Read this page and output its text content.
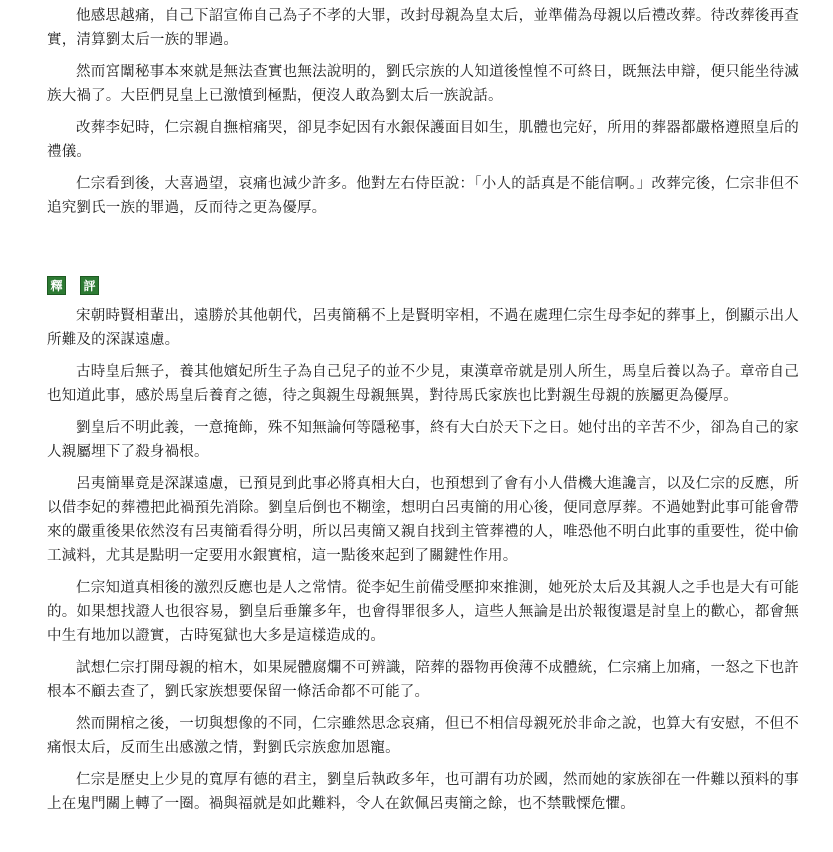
他感思越痛，自己下詔宣佈自己為子不孝的大罪，改封母親為皇太后，並準備為母親以后禮改葬。待改葬後再查實，清算劉太后一族的罪過。

然而宮闈秘事本來就是無法查實也無法說明的，劉氏宗族的人知道後惶惶不可終日，既無法申辯，便只能坐待滅族大禍了。大臣們見皇上已激憤到極點，便沒人敢為劉太后一族說話。

改葬李妃時，仁宗親自撫棺痛哭，卻見李妃因有水銀保護面目如生，肌體也完好，所用的葬器都嚴格遵照皇后的禮儀。

仁宗看到後，大喜過望，哀痛也減少許多。他對左右侍臣說：「小人的話真是不能信啊。」改葬完後，仁宗非但不追究劉氏一族的罪過，反而待之更為優厚。

釋 評

宋朝時賢相輩出，遠勝於其他朝代，呂夷簡稱不上是賢明宰相，不過在處理仁宗生母李妃的葬事上，倒顯示出人所難及的深謀遠慮。

古時皇后無子，養其他嬪妃所生子為自己兒子的並不少見，東漢章帝就是別人所生，馬皇后養以為子。章帝自己也知道此事，感於馬皇后養育之德，待之與親生母親無異，對待馬氏家族也比對親生母親的族屬更為優厚。

劉皇后不明此義，一意掩飾，殊不知無論何等隱秘事，終有大白於天下之日。她付出的辛苦不少，卻為自己的家人親屬埋下了殺身禍根。

呂夷簡畢竟是深謀遠慮，已預見到此事必將真相大白，也預想到了會有小人借機大進讒言，以及仁宗的反應，所以借李妃的葬禮把此禍預先消除。劉皇后倒也不糊塗，想明白呂夷簡的用心後，便同意厚葬。不過她對此事可能會帶來的嚴重後果依然沒有呂夷簡看得分明，所以呂夷簡又親自找到主管葬禮的人，唯恐他不明白此事的重要性，從中偷工減料，尤其是點明一定要用水銀實棺，這一點後來起到了關鍵性作用。

仁宗知道真相後的激烈反應也是人之常情。從李妃生前備受壓抑來推測，她死於太后及其親人之手也是大有可能的。如果想找證人也很容易，劉皇后垂簾多年，也會得罪很多人，這些人無論是出於報復還是討皇上的歡心，都會無中生有地加以證實，古時冤獄也大多是這樣造成的。

試想仁宗打開母親的棺木，如果屍體腐爛不可辨識，陪葬的器物再倹薄不成體統，仁宗痛上加痛，一怒之下也許根本不顧去查了，劉氏家族想要保留一條活命都不可能了。

然而開棺之後，一切與想像的不同，仁宗雖然思念哀痛，但已不相信母親死於非命之說，也算大有安慰，不但不痛恨太后，反而生出感激之情，對劉氏宗族愈加恩寵。

仁宗是歷史上少見的寬厚有德的君主，劉皇后執政多年，也可謂有功於國，然而她的家族卻在一件難以預料的事上在鬼門關上轉了一圈。禍與福就是如此難料，令人在欽佩呂夷簡之餘，也不禁戰慄危懼。
